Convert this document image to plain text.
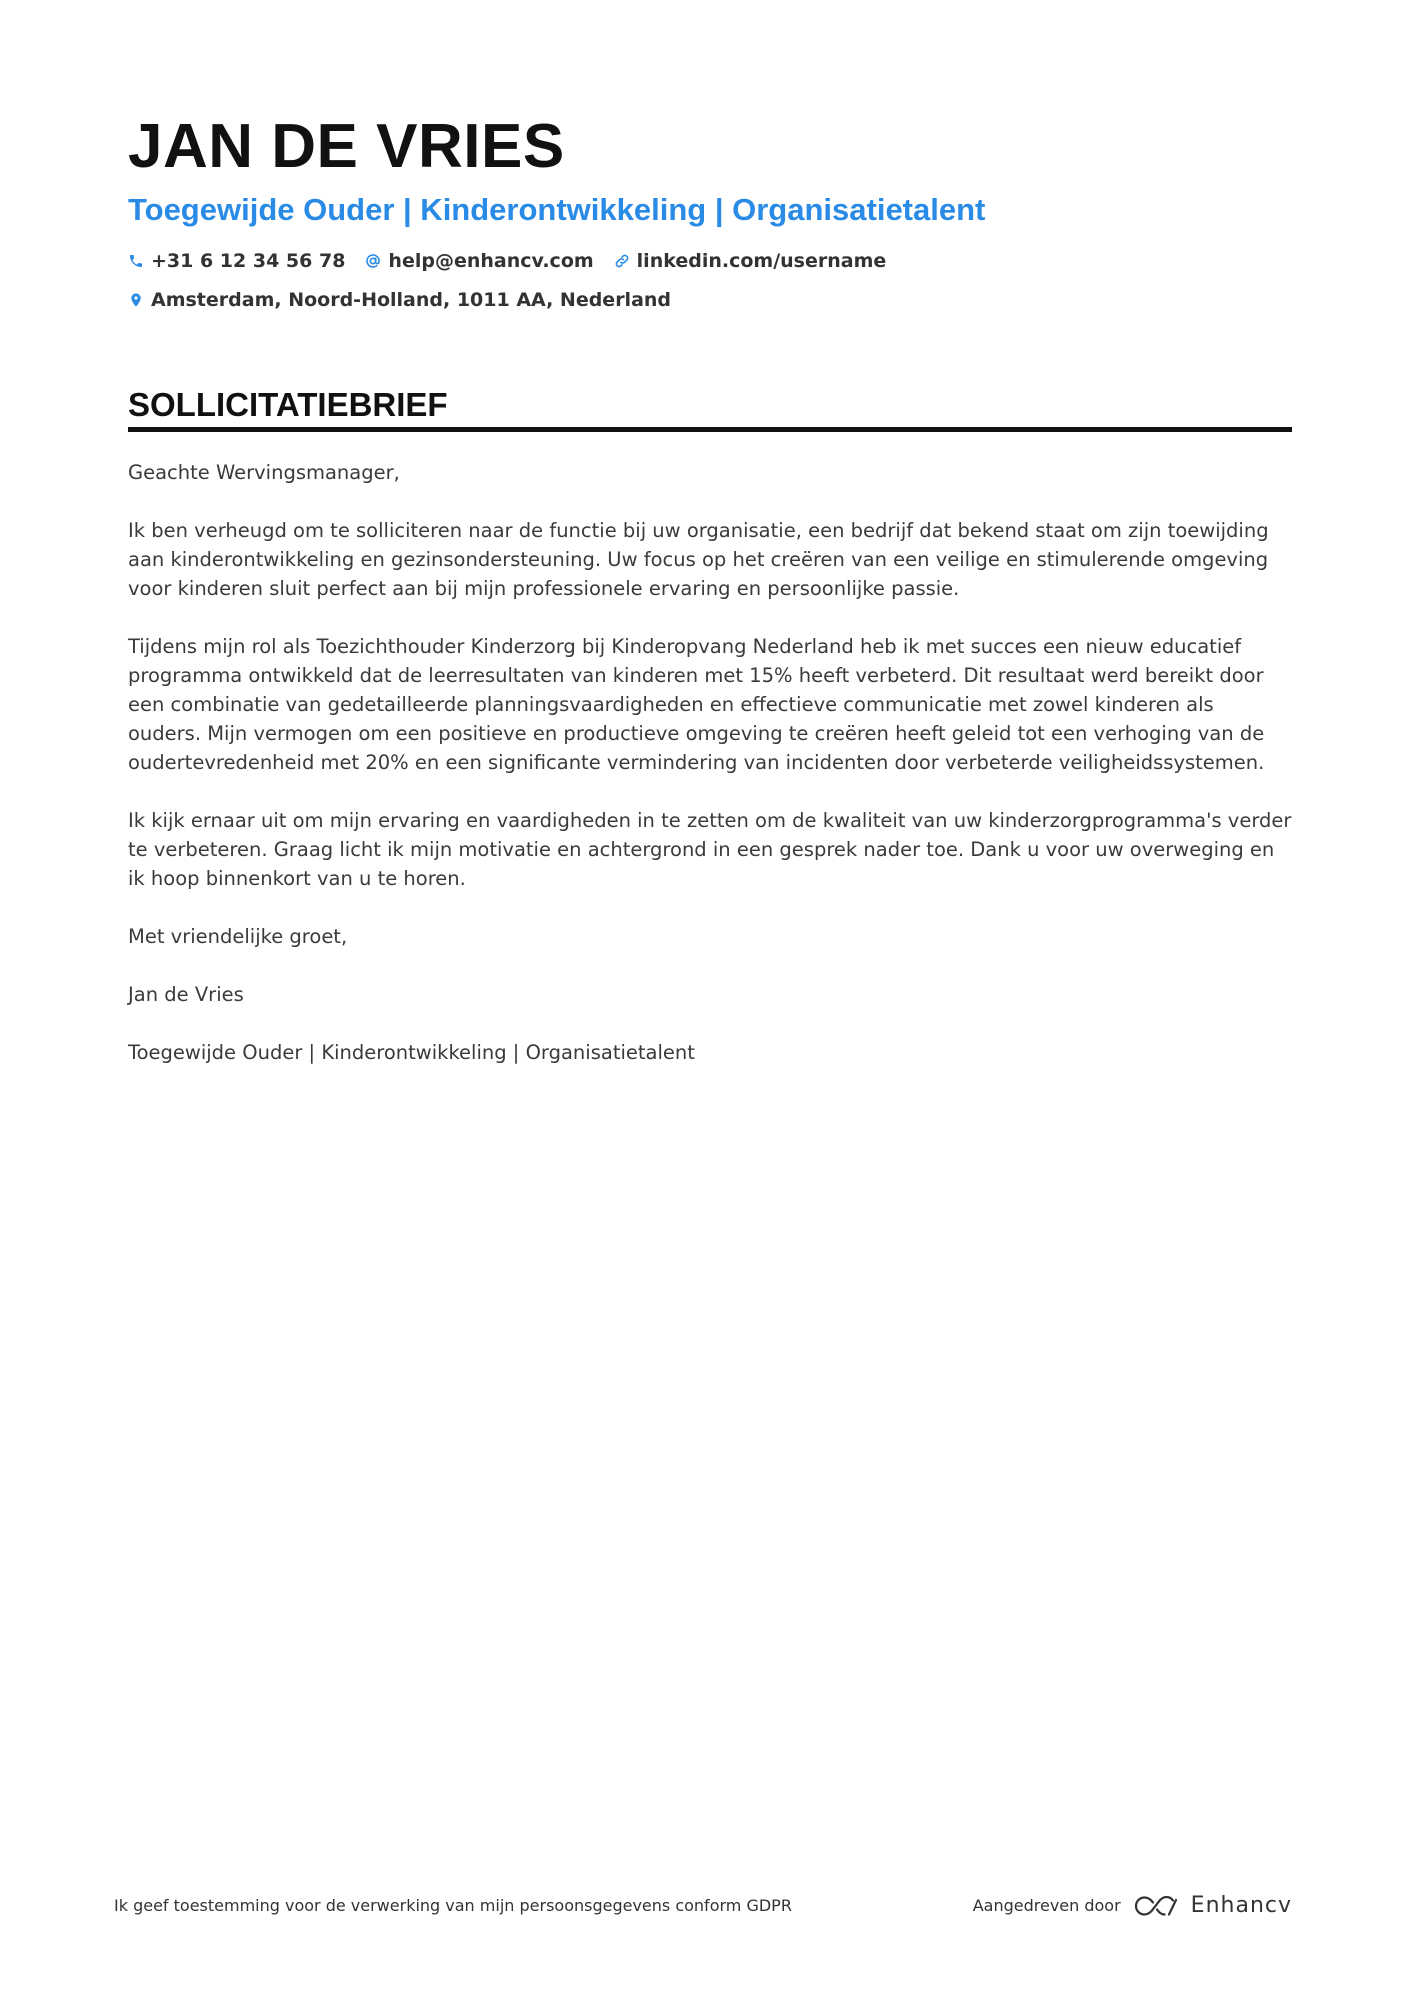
JAN DE VRIES
Toegewijde Ouder | Kinderontwikkeling | Organisatietalent
+31 6 12 34 56 78 help@enhancv.com linkedin.com/username
Amsterdam, Noord-Holland, 1011 AA, Nederland
SOLLICITATIEBRIEF

Geachte Wervingsmanager,

Ik ben verheugd om te solliciteren naar de functie bij uw organisatie, een bedrijf dat bekend staat om zijn toewijding aan kinderontwikkeling en gezinsondersteuning. Uw focus op het creëren van een veilige en stimulerende omgeving voor kinderen sluit perfect aan bij mijn professionele ervaring en persoonlijke passie.

Tijdens mijn rol als Toezichthouder Kinderzorg bij Kinderopvang Nederland heb ik met succes een nieuw educatief programma ontwikkeld dat de leerresultaten van kinderen met 15% heeft verbeterd. Dit resultaat werd bereikt door een combinatie van gedetailleerde planningsvaardigheden en effectieve communicatie met zowel kinderen als ouders. Mijn vermogen om een positieve en productieve omgeving te creëren heeft geleid tot een verhoging van de oudertevredenheid met 20% en een significante vermindering van incidenten door verbeterde veiligheidssystemen.

Ik kijk ernaar uit om mijn ervaring en vaardigheden in te zetten om de kwaliteit van uw kinderzorgprogramma's verder te verbeteren. Graag licht ik mijn motivatie en achtergrond in een gesprek nader toe. Dank u voor uw overweging en ik hoop binnenkort van u te horen.

Met vriendelijke groet,

Jan de Vries

Toegewijde Ouder | Kinderontwikkeling | Organisatietalent

Ik geef toestemming voor de verwerking van mijn persoonsgegevens conform GDPR	Aangedreven door	Enhancv
